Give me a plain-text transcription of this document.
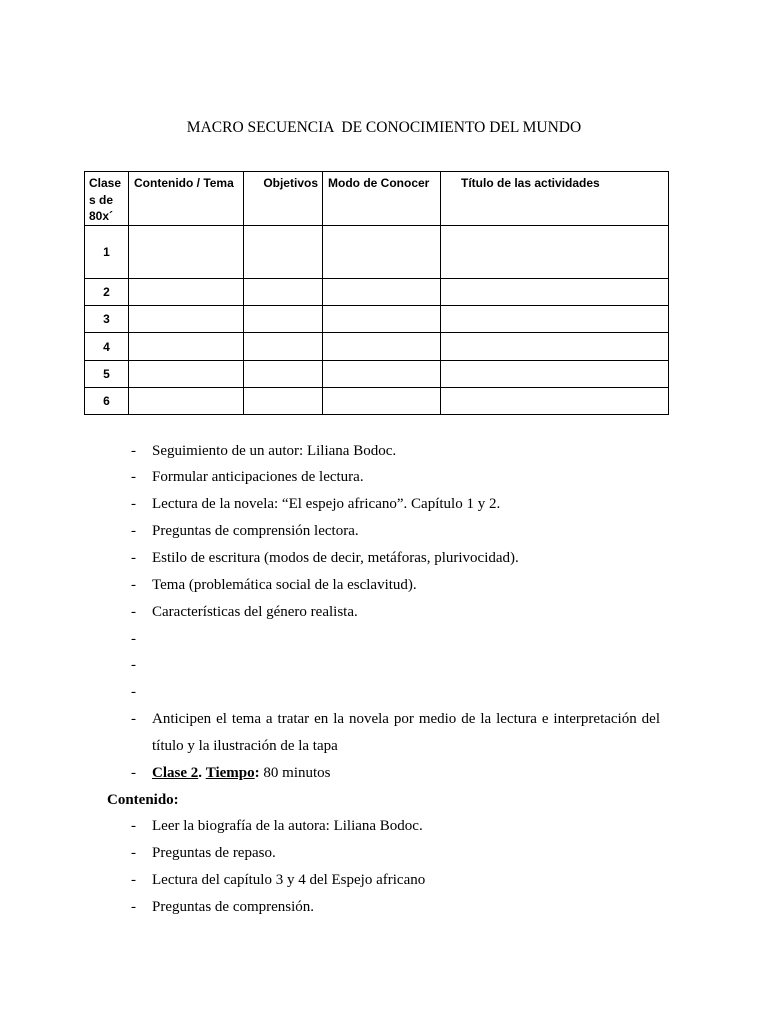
MACRO SECUENCIA  DE CONOCIMIENTO DEL MUNDO
Clase
s de
80x´	Contenido / Tema	Objetivos	Modo de Conocer	Título de las actividades
1				
2				
3				
4				
5				
6				
-	Seguimiento de un autor: Liliana Bodoc.
-	Formular anticipaciones de lectura.
-	Lectura de la novela: “El espejo africano”. Capítulo 1 y 2.
-	Preguntas de comprensión lectora.
-	Estilo de escritura (modos de decir, metáforas, plurivocidad).
-	Tema (problemática social de la esclavitud).
-	Características del género realista.
-

-

-

-	Anticipen el tema a tratar en la novela por medio de la lectura e interpretación del título y la ilustración de la tapa
-	Clase 2. Tiempo: 80 minutos
Contenido:
-	Leer la biografía de la autora: Liliana Bodoc.
-	Preguntas de repaso.
-	Lectura del capítulo 3 y 4 del Espejo africano
-	Preguntas de comprensión.
